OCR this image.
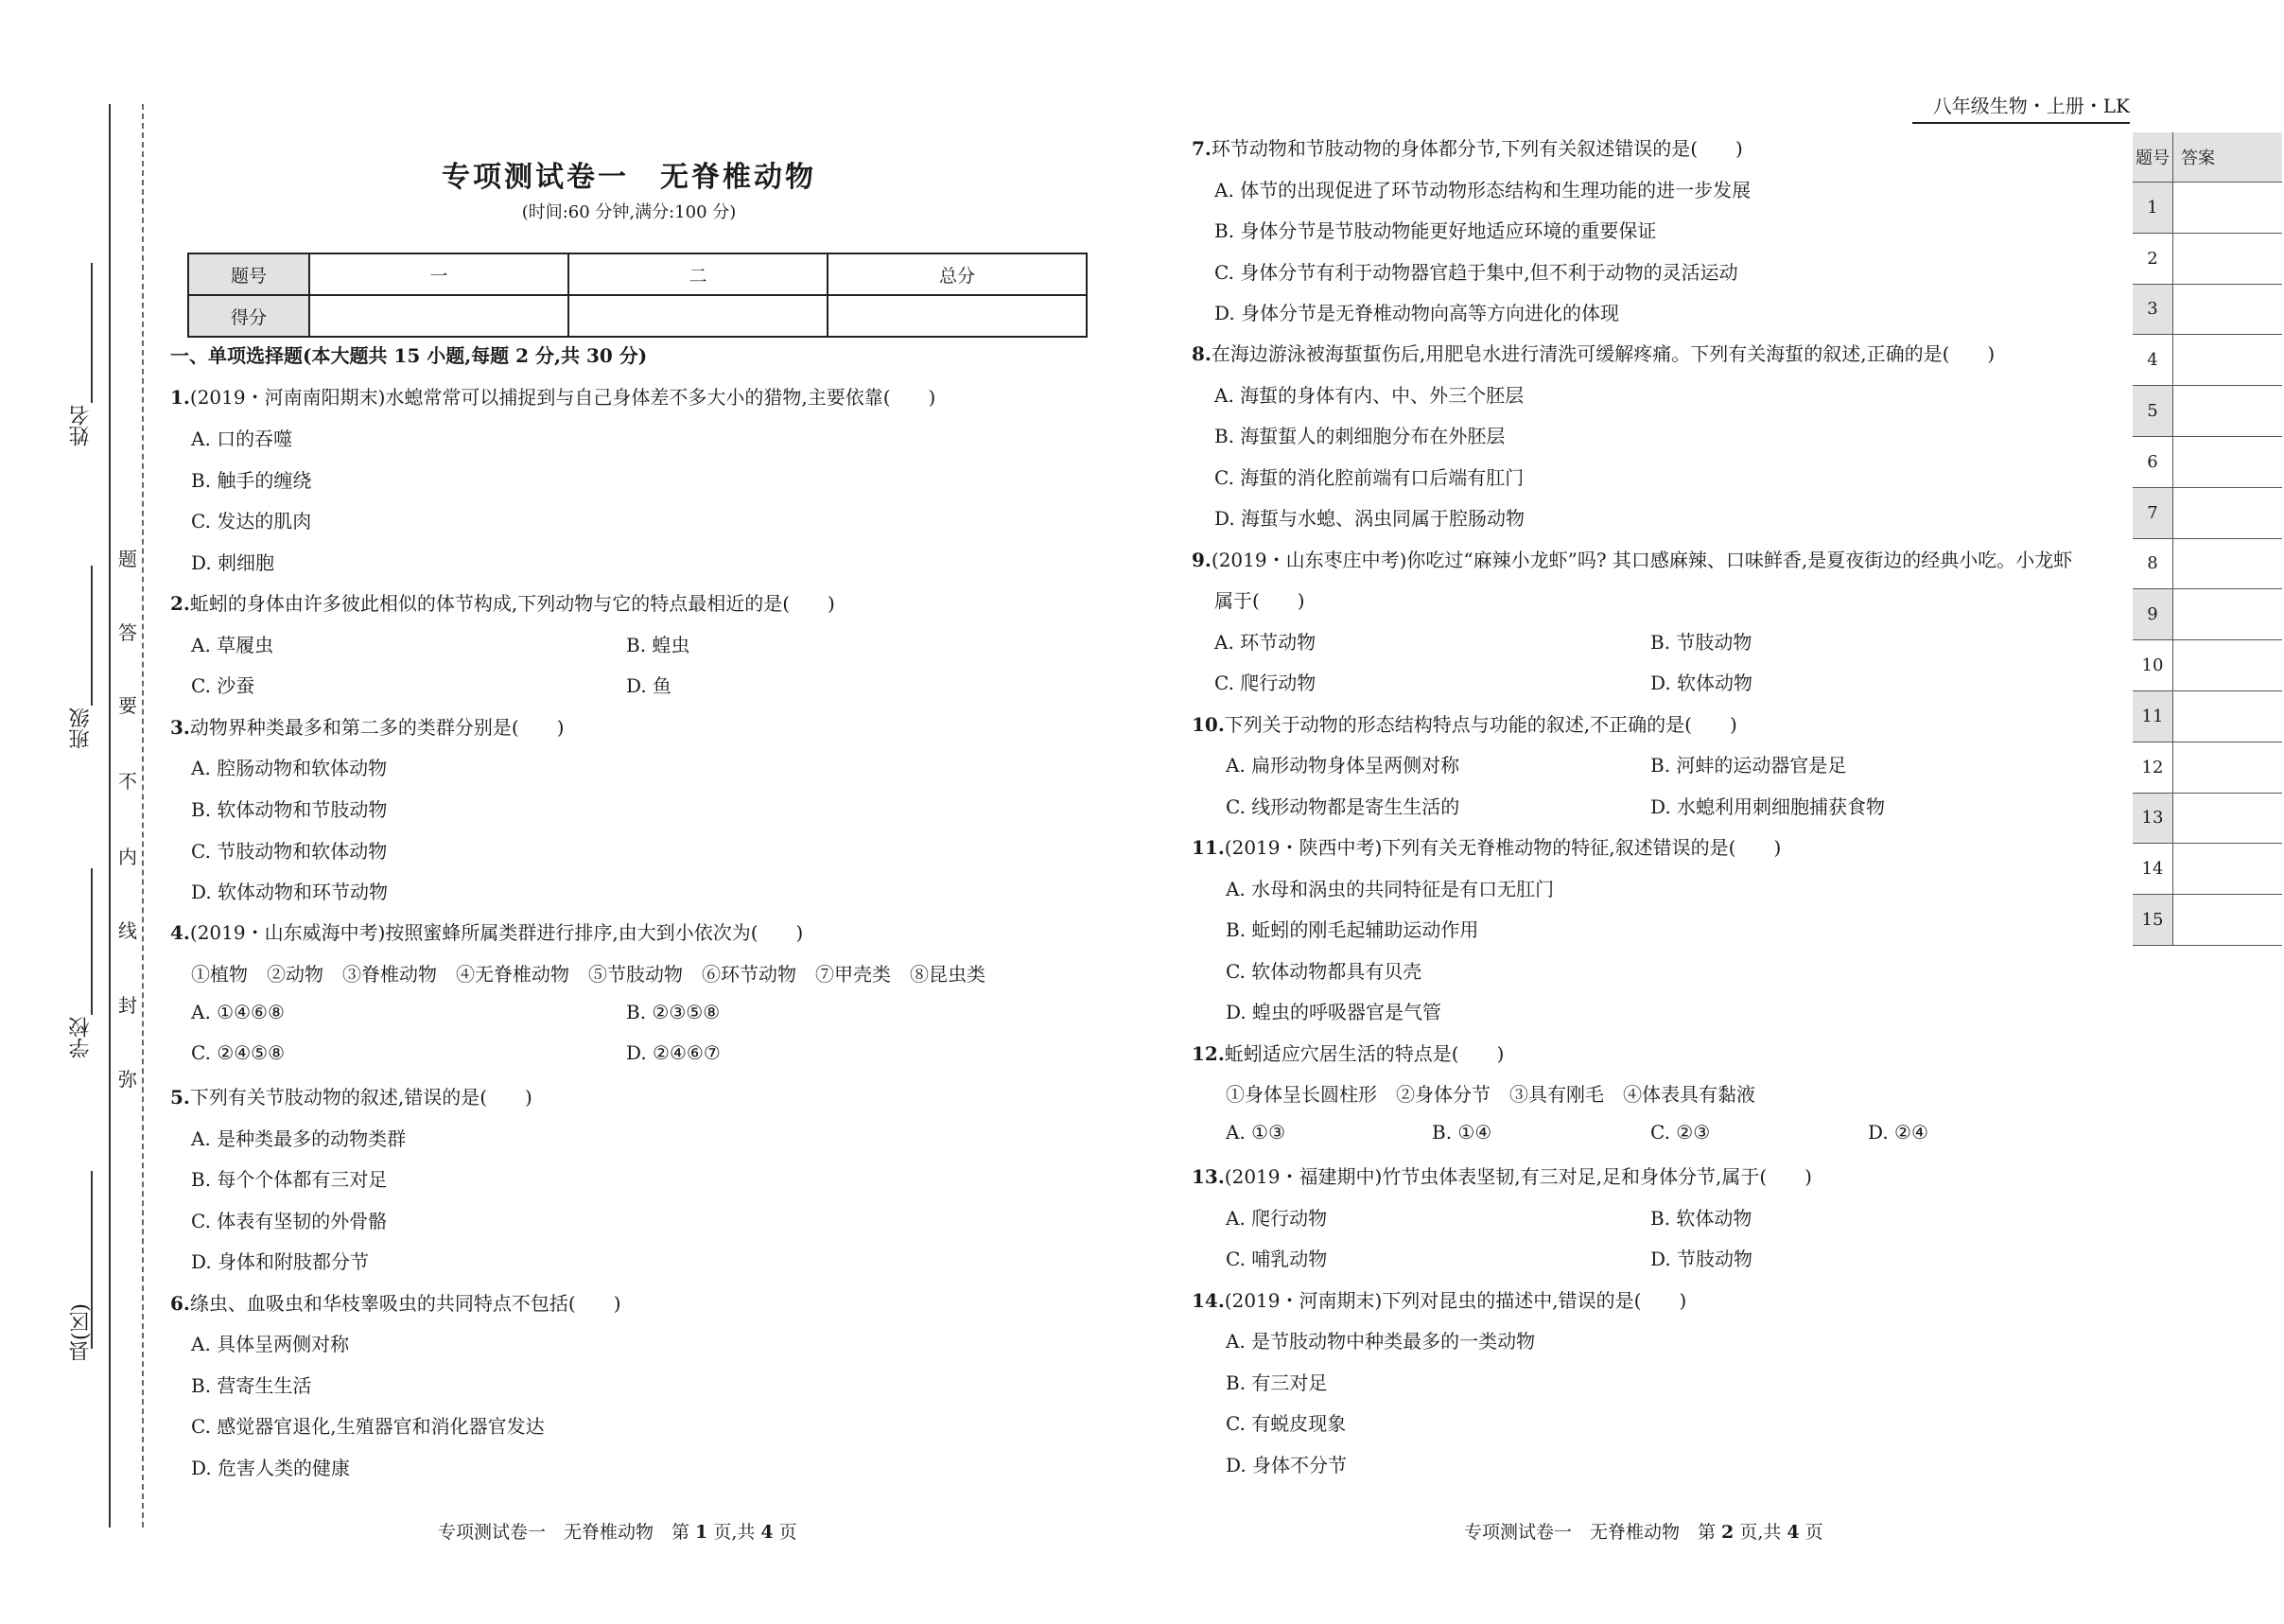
姓名
班级
学校
县(区)
题
答
要
不
内
线
封
弥
专项测试卷一　无脊椎动物
(时间:60 分钟,满分:100 分)
题号	一	二	总分
得分			
一、单项选择题(本大题共 15 小题,每题 2 分,共 30 分)
1.(2019・河南南阳期末)水螅常常可以捕捉到与自己身体差不多大小的猎物,主要依靠(　　)
A. 口的吞噬
B. 触手的缠绕
C. 发达的肌肉
D. 刺细胞
2.蚯蚓的身体由许多彼此相似的体节构成,下列动物与它的特点最相近的是(　　)
A. 草履虫	B. 蝗虫
C. 沙蚕	D. 鱼
3.动物界种类最多和第二多的类群分别是(　　)
A. 腔肠动物和软体动物
B. 软体动物和节肢动物
C. 节肢动物和软体动物
D. 软体动物和环节动物
4.(2019・山东威海中考)按照蜜蜂所属类群进行排序,由大到小依次为(　　)
①植物　②动物　③脊椎动物　④无脊椎动物　⑤节肢动物　⑥环节动物　⑦甲壳类　⑧昆虫类
A. ①④⑥⑧	B. ②③⑤⑧
C. ②④⑤⑧	D. ②④⑥⑦
5.下列有关节肢动物的叙述,错误的是(　　)
A. 是种类最多的动物类群
B. 每个个体都有三对足
C. 体表有坚韧的外骨骼
D. 身体和附肢都分节
6.绦虫、血吸虫和华枝睾吸虫的共同特点不包括(　　)
A. 具体呈两侧对称
B. 营寄生生活
C. 感觉器官退化,生殖器官和消化器官发达
D. 危害人类的健康
专项测试卷一　无脊椎动物　第 1 页,共 4 页
八年级生物・上册・LK
7.环节动物和节肢动物的身体都分节,下列有关叙述错误的是(　　)
A. 体节的出现促进了环节动物形态结构和生理功能的进一步发展
B. 身体分节是节肢动物能更好地适应环境的重要保证
C. 身体分节有利于动物器官趋于集中,但不利于动物的灵活运动
D. 身体分节是无脊椎动物向高等方向进化的体现
8.在海边游泳被海蜇蜇伤后,用肥皂水进行清洗可缓解疼痛。下列有关海蜇的叙述,正确的是(　　)
A. 海蜇的身体有内、中、外三个胚层
B. 海蜇蜇人的刺细胞分布在外胚层
C. 海蜇的消化腔前端有口后端有肛门
D. 海蜇与水螅、涡虫同属于腔肠动物
9.(2019・山东枣庄中考)你吃过“麻辣小龙虾”吗? 其口感麻辣、口味鲜香,是夏夜街边的经典小吃。小龙虾
属于(　　)
A. 环节动物	B. 节肢动物
C. 爬行动物	D. 软体动物
10.下列关于动物的形态结构特点与功能的叙述,不正确的是(　　)
A. 扁形动物身体呈两侧对称	B. 河蚌的运动器官是足
C. 线形动物都是寄生生活的	D. 水螅利用刺细胞捕获食物
11.(2019・陕西中考)下列有关无脊椎动物的特征,叙述错误的是(　　)
A. 水母和涡虫的共同特征是有口无肛门
B. 蚯蚓的刚毛起辅助运动作用
C. 软体动物都具有贝壳
D. 蝗虫的呼吸器官是气管
12.蚯蚓适应穴居生活的特点是(　　)
①身体呈长圆柱形　②身体分节　③具有刚毛　④体表具有黏液
A. ①③	B. ①④	C. ②③	D. ②④
13.(2019・福建期中)竹节虫体表坚韧,有三对足,足和身体分节,属于(　　)
A. 爬行动物	B. 软体动物
C. 哺乳动物	D. 节肢动物
14.(2019・河南期末)下列对昆虫的描述中,错误的是(　　)
A. 是节肢动物中种类最多的一类动物
B. 有三对足
C. 有蜕皮现象
D. 身体不分节
专项测试卷一　无脊椎动物　第 2 页,共 4 页
题号	答案
1	
2	
3	
4	
5	
6	
7	
8	
9	
10	
11	
12	
13	
14	
15	
